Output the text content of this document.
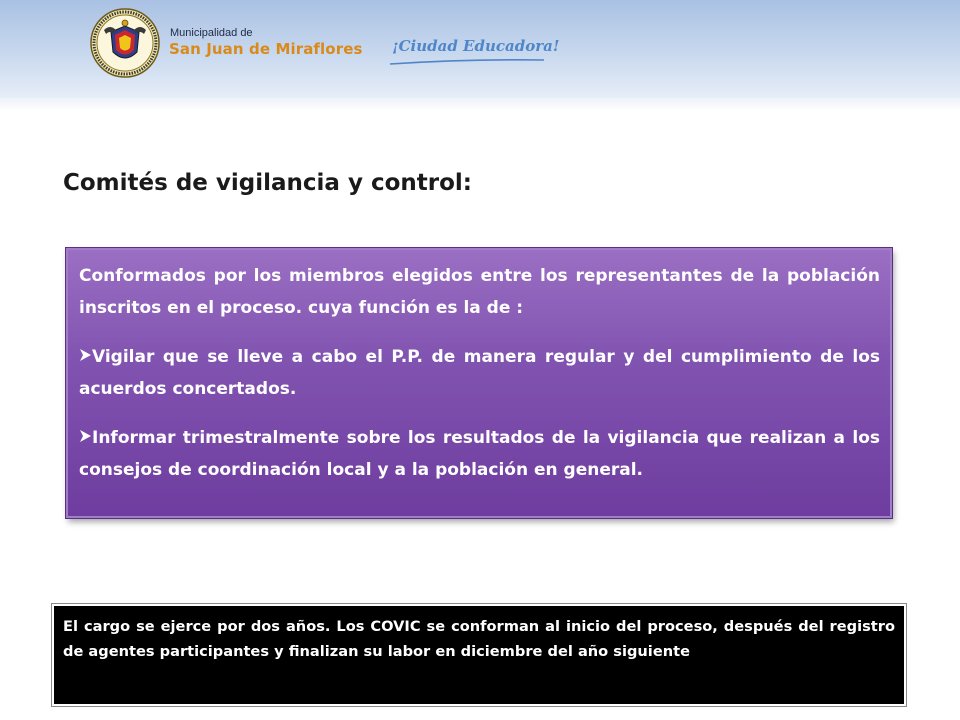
Municipalidad de
San Juan de Miraflores ¡Ciudad Educadora!
Comités de vigilancia y control:

Conformados por los miembros elegidos entre los representantes de la población inscritos en el proceso. cuya función es la de :

Vigilar que se lleve a cabo el P.P. de manera regular y del cumplimiento de los acuerdos concertados.

Informar trimestralmente sobre los resultados de la vigilancia que realizan a los consejos de coordinación local y a la población en general.

El cargo se ejerce por dos años. Los COVIC se conforman al inicio del proceso, después del registro de agentes participantes y finalizan su labor en diciembre del año siguiente
